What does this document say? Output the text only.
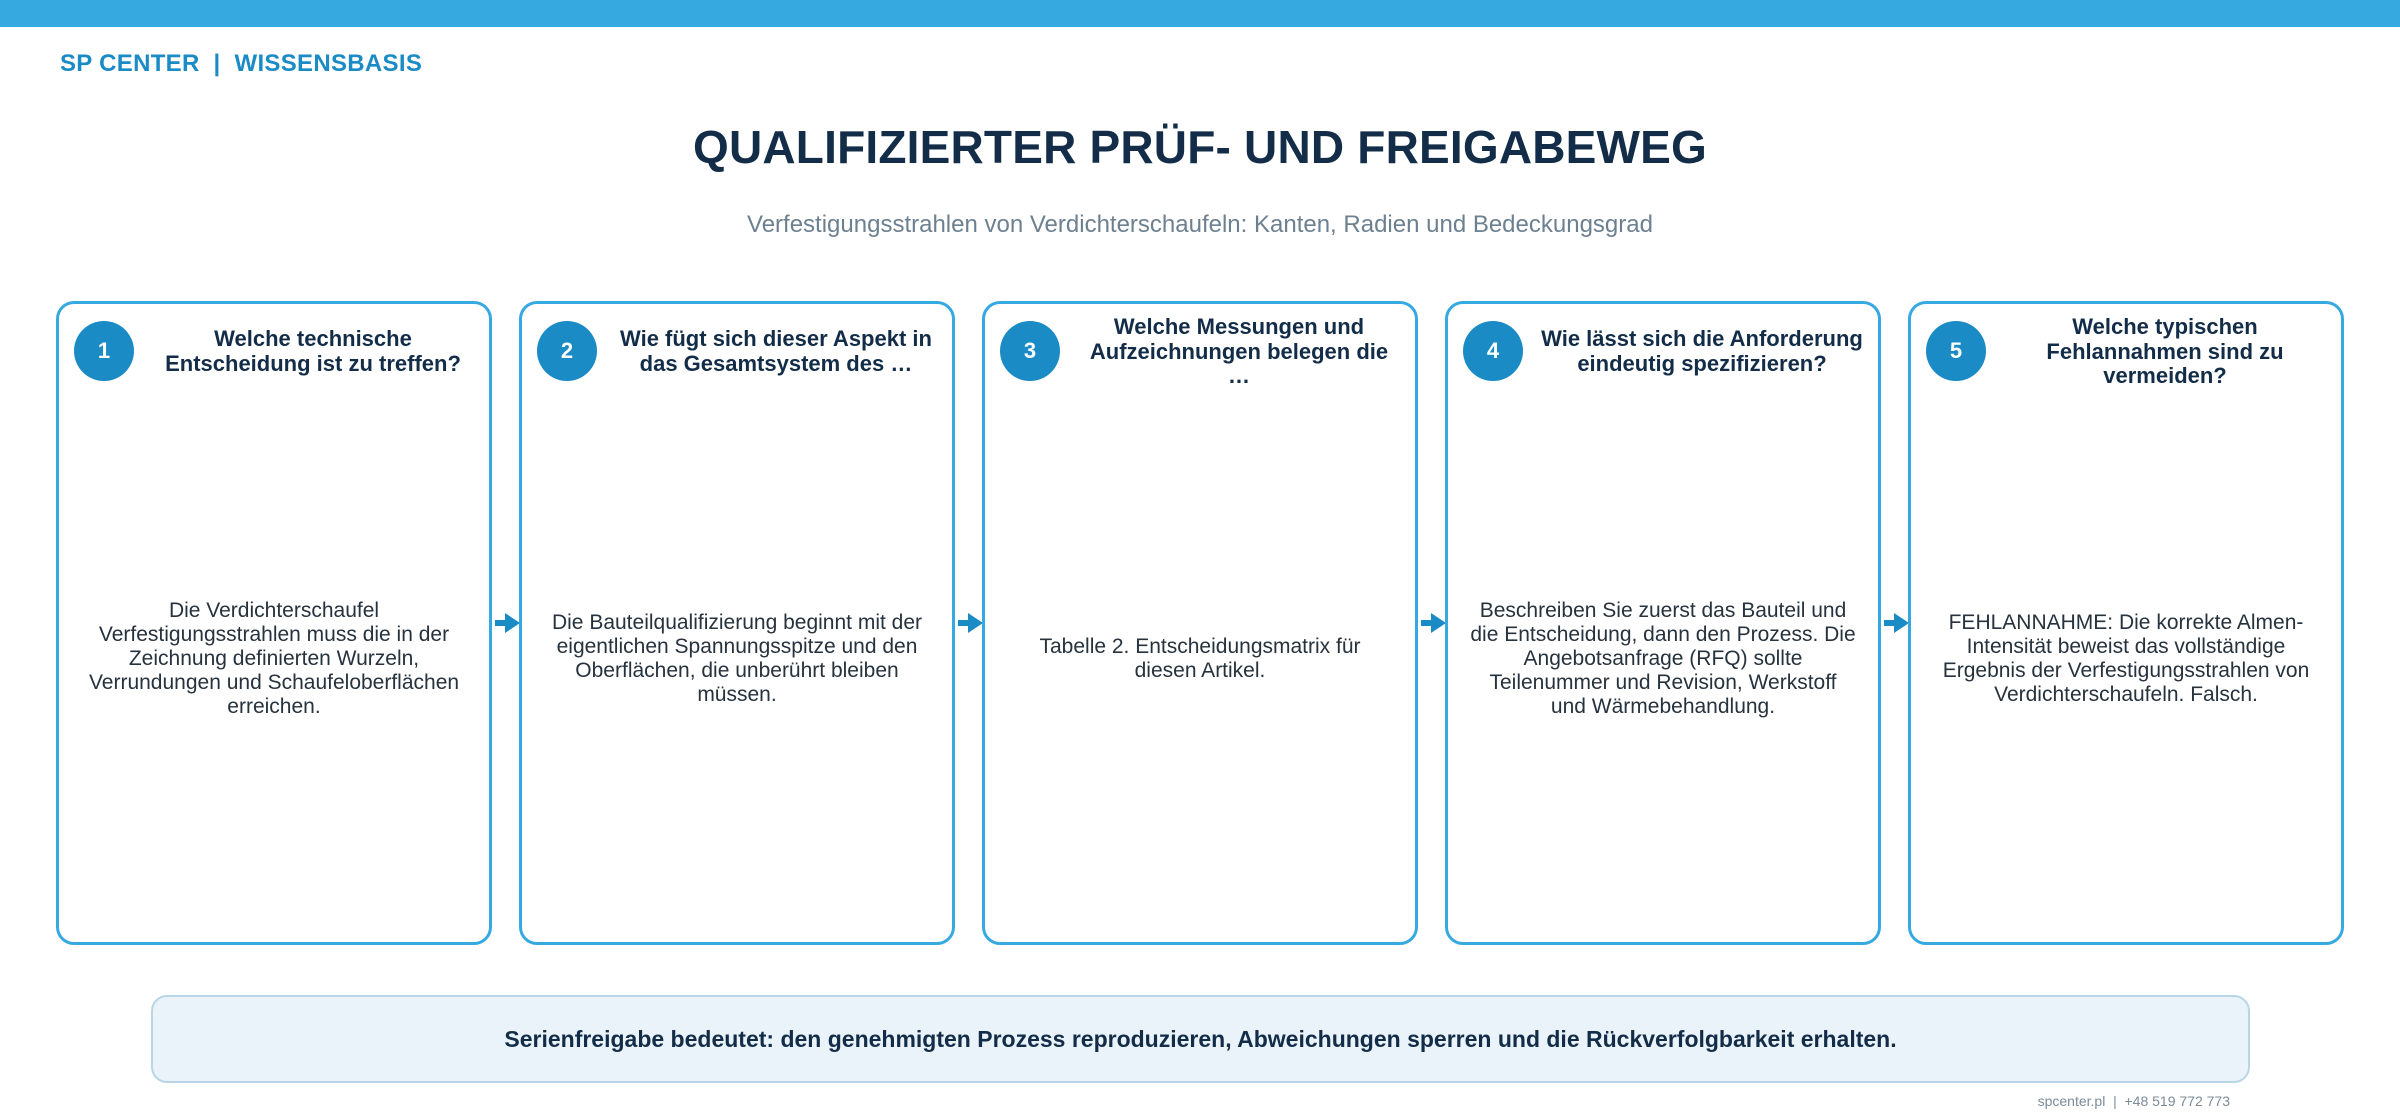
SP CENTER  |  WISSENSBASIS
QUALIFIZIERTER PRÜF- UND FREIGABEWEG
Verfestigungsstrahlen von Verdichterschaufeln: Kanten, Radien und Bedeckungsgrad
1	Welche technische Entscheidung ist zu treffen?
Die Verdichterschaufel Verfestigungsstrahlen muss die in der Zeichnung definierten Wurzeln, Verrundungen und Schaufeloberflächen erreichen.
2	Wie fügt sich dieser Aspekt in das Gesamtsystem des …
Die Bauteilqualifizierung beginnt mit der eigentlichen Spannungsspitze und den Oberflächen, die unberührt bleiben müssen.
3
Welche Messungen und Aufzeichnungen belegen die …
Tabelle 2. Entscheidungsmatrix für diesen Artikel.
4	Wie lässt sich die Anforderung eindeutig spezifizieren?
Beschreiben Sie zuerst das Bauteil und die Entscheidung, dann den Prozess. Die Angebotsanfrage (RFQ) sollte Teilenummer und Revision, Werkstoff und Wärmebehandlung.
5
Welche typischen Fehlannahmen sind zu vermeiden?
FEHLANNAHME: Die korrekte Almen-Intensität beweist das vollständige Ergebnis der Verfestigungsstrahlen von Verdichterschaufeln. Falsch.
Serienfreigabe bedeutet: den genehmigten Prozess reproduzieren, Abweichungen sperren und die Rückverfolgbarkeit erhalten.
spcenter.pl  |  +48 519 772 773
